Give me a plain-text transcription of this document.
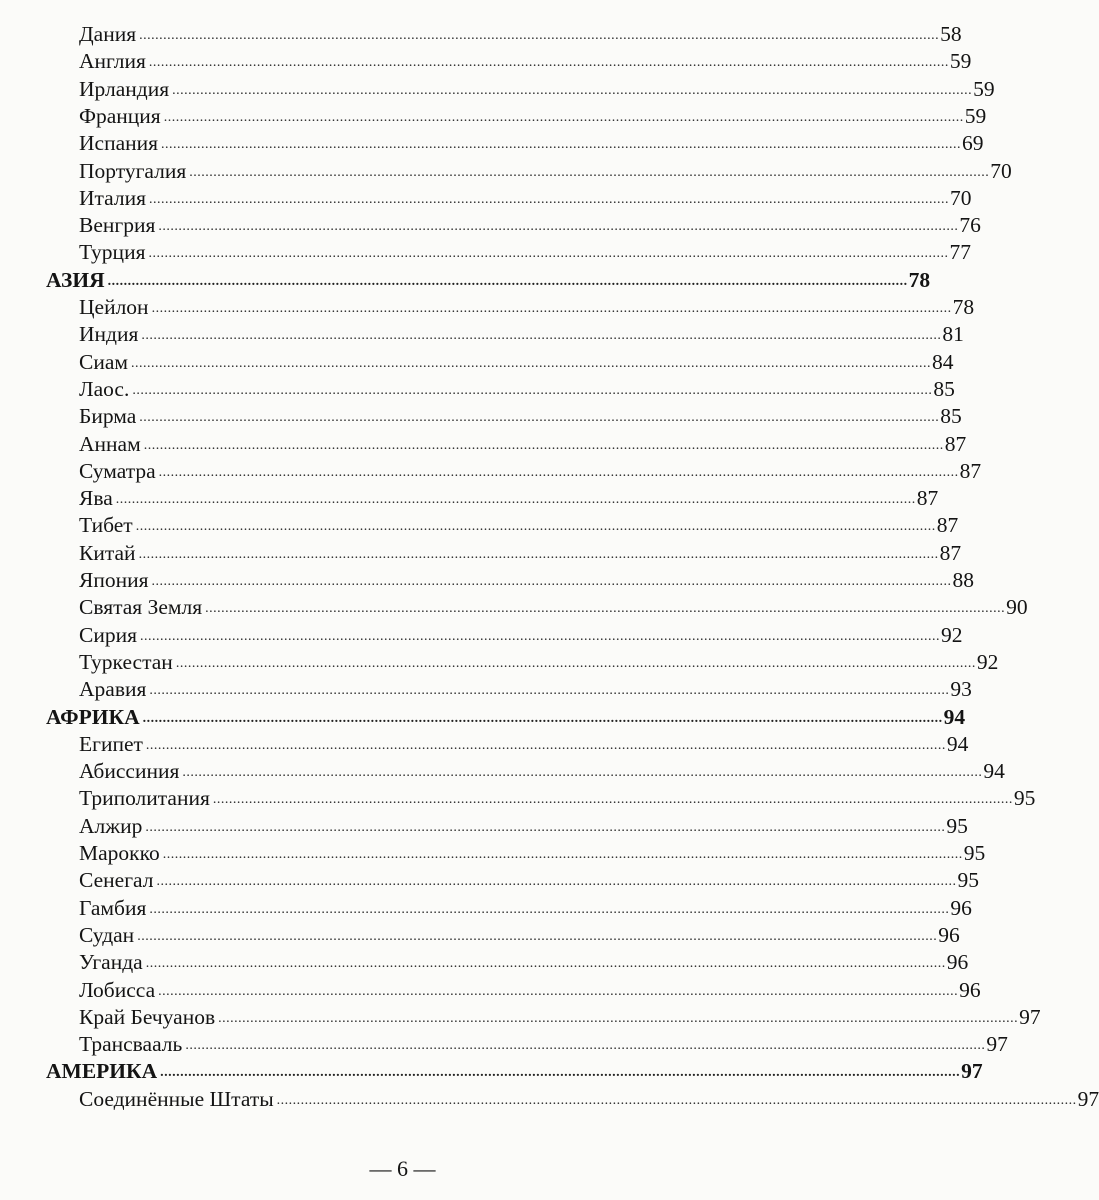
Дания ........................................................................................................................................................................................................ 58
Англия ........................................................................................................................................................................................................ 59
Ирландия ........................................................................................................................................................................................................ 59
Франция ........................................................................................................................................................................................................ 59
Испания ........................................................................................................................................................................................................ 69
Португалия ........................................................................................................................................................................................................ 70
Италия ........................................................................................................................................................................................................ 70
Венгрия ........................................................................................................................................................................................................ 76
Турция ........................................................................................................................................................................................................ 77
АЗИЯ ........................................................................................................................................................................................................ 78
Цейлон ........................................................................................................................................................................................................ 78
Индия ........................................................................................................................................................................................................ 81
Сиам ........................................................................................................................................................................................................ 84
Лаос. ........................................................................................................................................................................................................ 85
Бирма ........................................................................................................................................................................................................ 85
Аннам ........................................................................................................................................................................................................ 87
Суматра ........................................................................................................................................................................................................ 87
Ява ........................................................................................................................................................................................................ 87
Тибет ........................................................................................................................................................................................................ 87
Китай ........................................................................................................................................................................................................ 87
Япония ........................................................................................................................................................................................................ 88
Святая Земля ........................................................................................................................................................................................................ 90
Сирия ........................................................................................................................................................................................................ 92
Туркестан ........................................................................................................................................................................................................ 92
Аравия ........................................................................................................................................................................................................ 93
АФРИКА ........................................................................................................................................................................................................ 94
Египет ........................................................................................................................................................................................................ 94
Абиссиния ........................................................................................................................................................................................................ 94
Триполитания ........................................................................................................................................................................................................ 95
Алжир ........................................................................................................................................................................................................ 95
Марокко ........................................................................................................................................................................................................ 95
Сенегал ........................................................................................................................................................................................................ 95
Гамбия ........................................................................................................................................................................................................ 96
Судан ........................................................................................................................................................................................................ 96
Уганда ........................................................................................................................................................................................................ 96
Лобисса ........................................................................................................................................................................................................ 96
Край Бечуанов ........................................................................................................................................................................................................ 97
Трансвааль ........................................................................................................................................................................................................ 97
АМЕРИКА ........................................................................................................................................................................................................ 97
Соединённые Штаты ........................................................................................................................................................................................................ 97
— 6 —
